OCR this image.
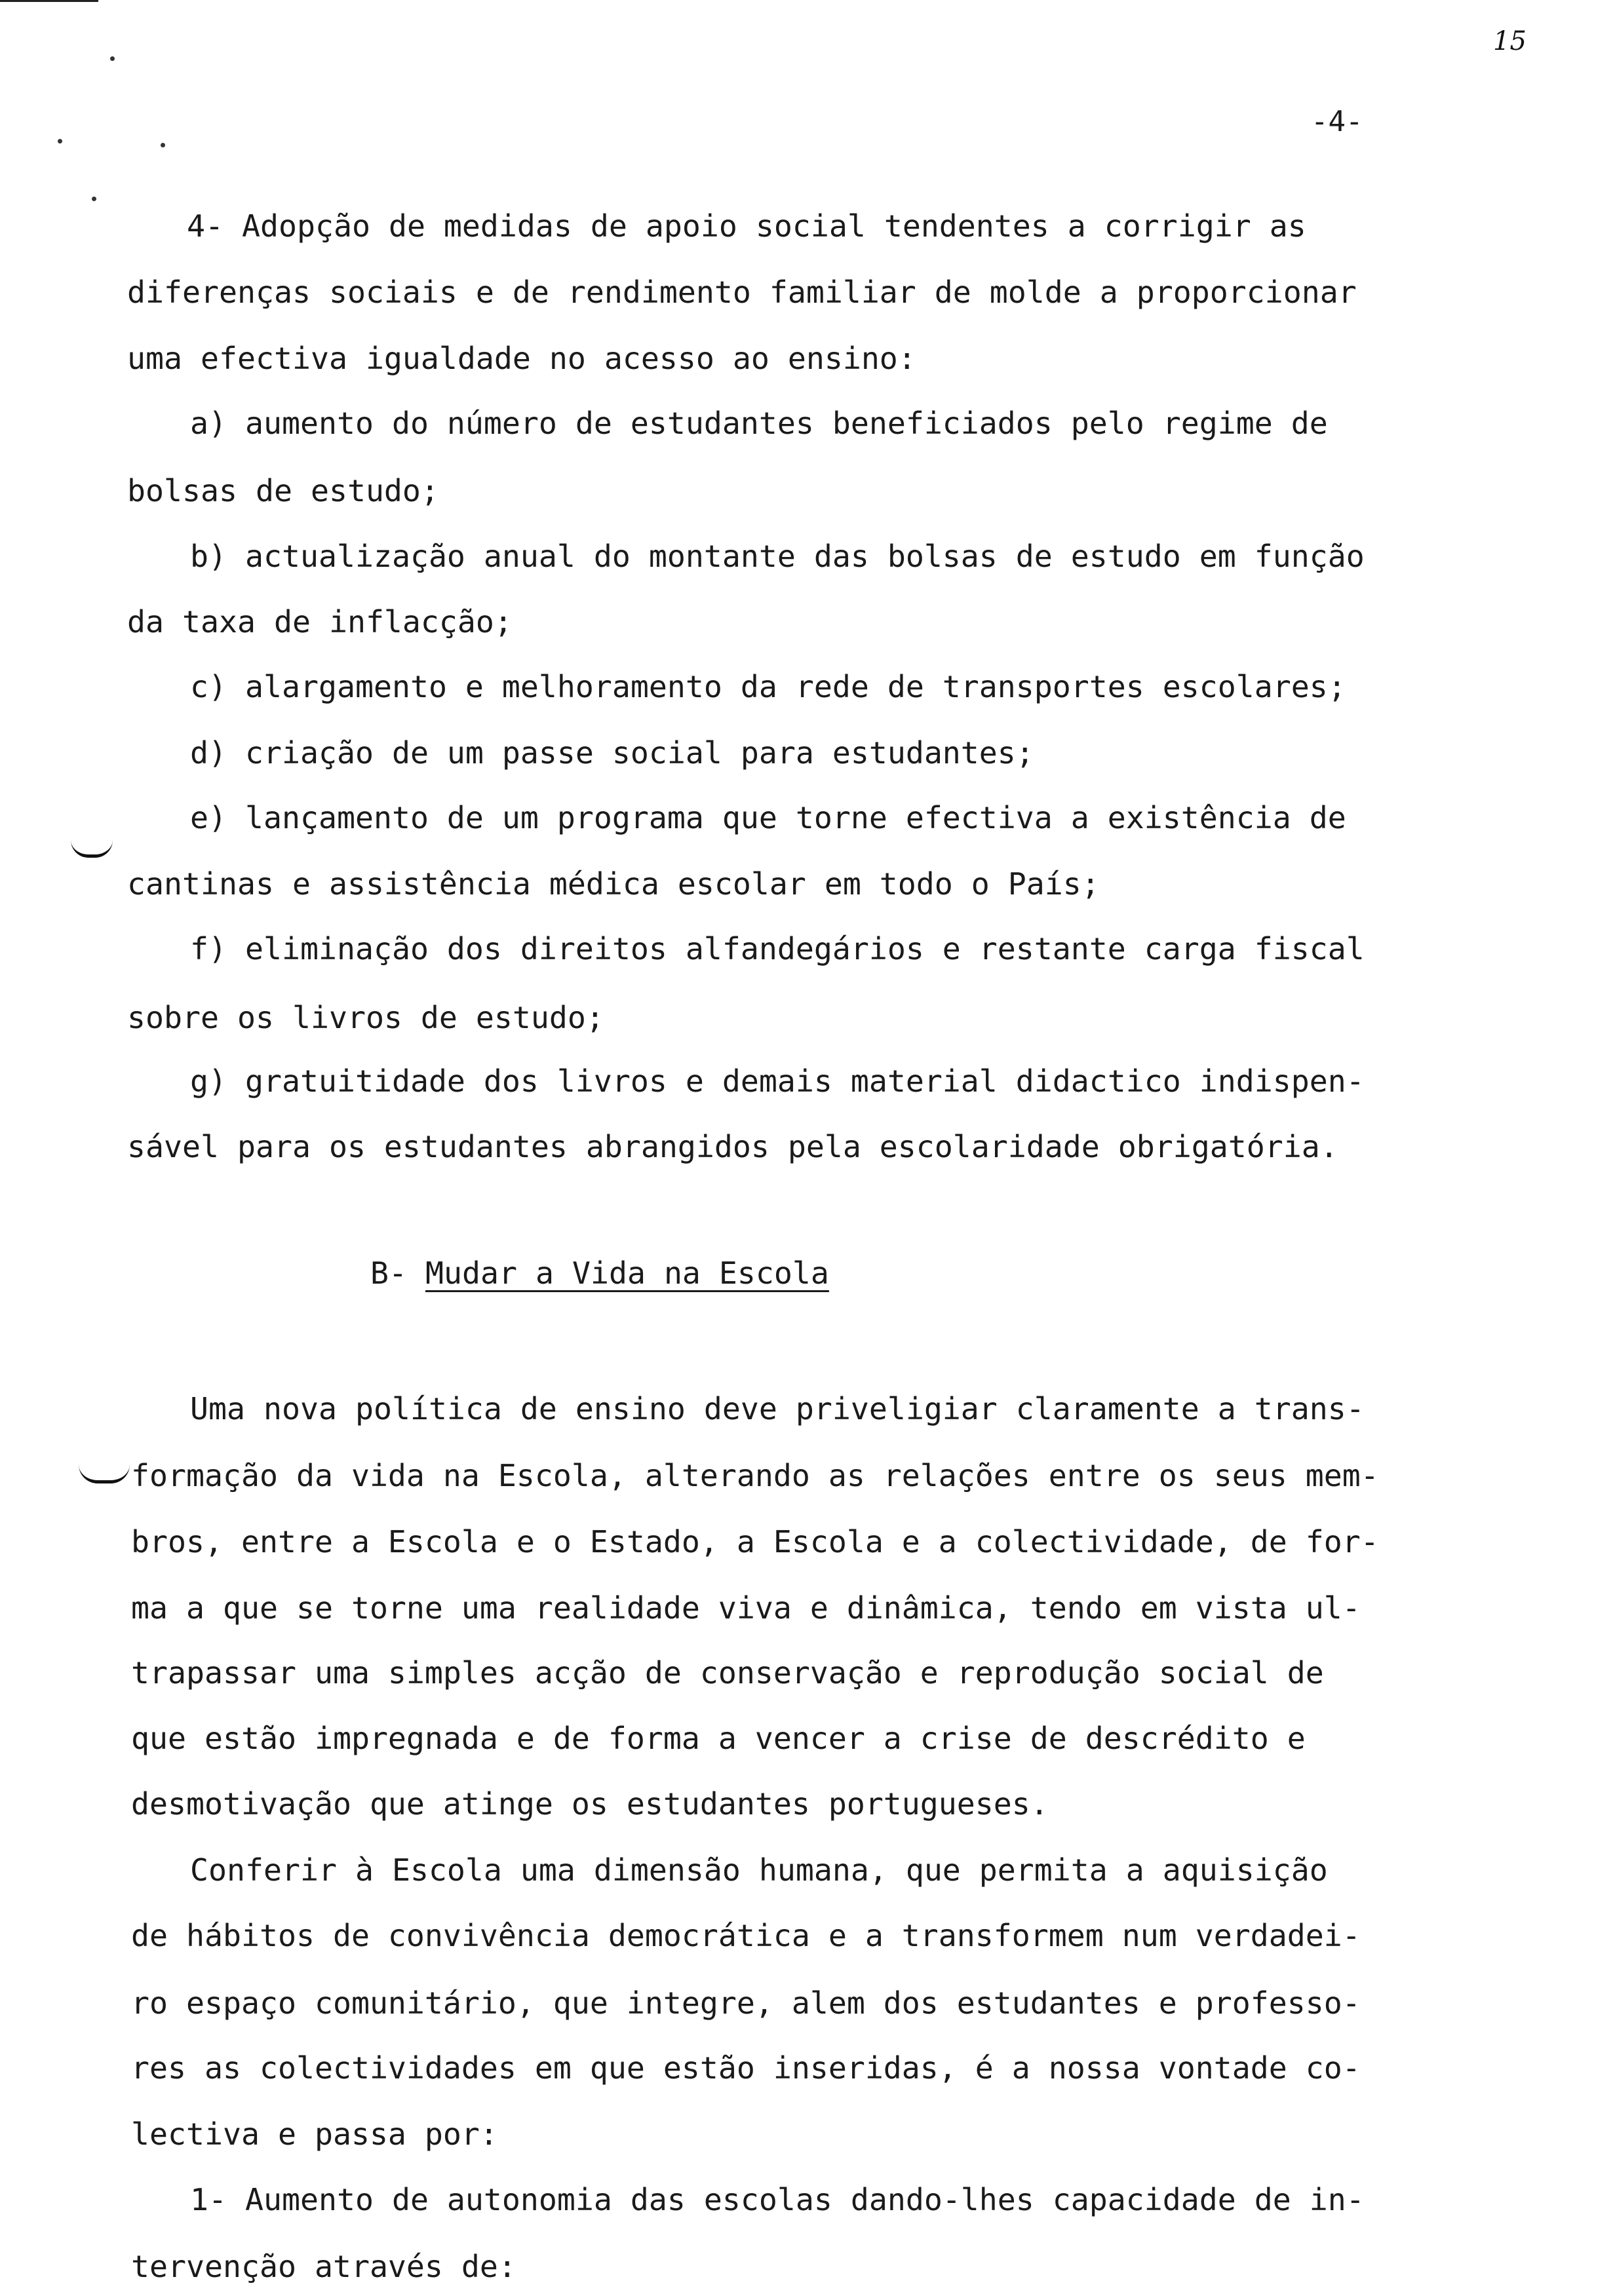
15
-4-
4- Adopção de medidas de apoio social tendentes a corrigir as
diferenças sociais e de rendimento familiar de molde a proporcionar
uma efectiva igualdade no acesso ao ensino:
a) aumento do número de estudantes beneficiados pelo regime de
bolsas de estudo;
b) actualização anual do montante das bolsas de estudo em função
da taxa de inflacção;
c) alargamento e melhoramento da rede de transportes escolares;
d) criação de um passe social para estudantes;
e) lançamento de um programa que torne efectiva a existência de
cantinas e assistência médica escolar em todo o País;
f) eliminação dos direitos alfandegários e restante carga fiscal
sobre os livros de estudo;
g) gratuitidade dos livros e demais material didactico indispen-
sável para os estudantes abrangidos pela escolaridade obrigatória.
B- Mudar a Vida na Escola
Uma nova política de ensino deve priveligiar claramente a trans-
formação da vida na Escola, alterando as relações entre os seus mem-
bros, entre a Escola e o Estado, a Escola e a colectividade, de for-
ma a que se torne uma realidade viva e dinâmica, tendo em vista ul-
trapassar uma simples acção de conservação e reprodução social de
que estão impregnada e de forma a vencer a crise de descrédito e
desmotivação que atinge os estudantes portugueses.
Conferir à Escola uma dimensão humana, que permita a aquisição
de hábitos de convivência democrática e a transformem num verdadei-
ro espaço comunitário, que integre, alem dos estudantes e professo-
res as colectividades em que estão inseridas, é a nossa vontade co-
lectiva e passa por:
1- Aumento de autonomia das escolas dando-lhes capacidade de in-
tervenção através de:
